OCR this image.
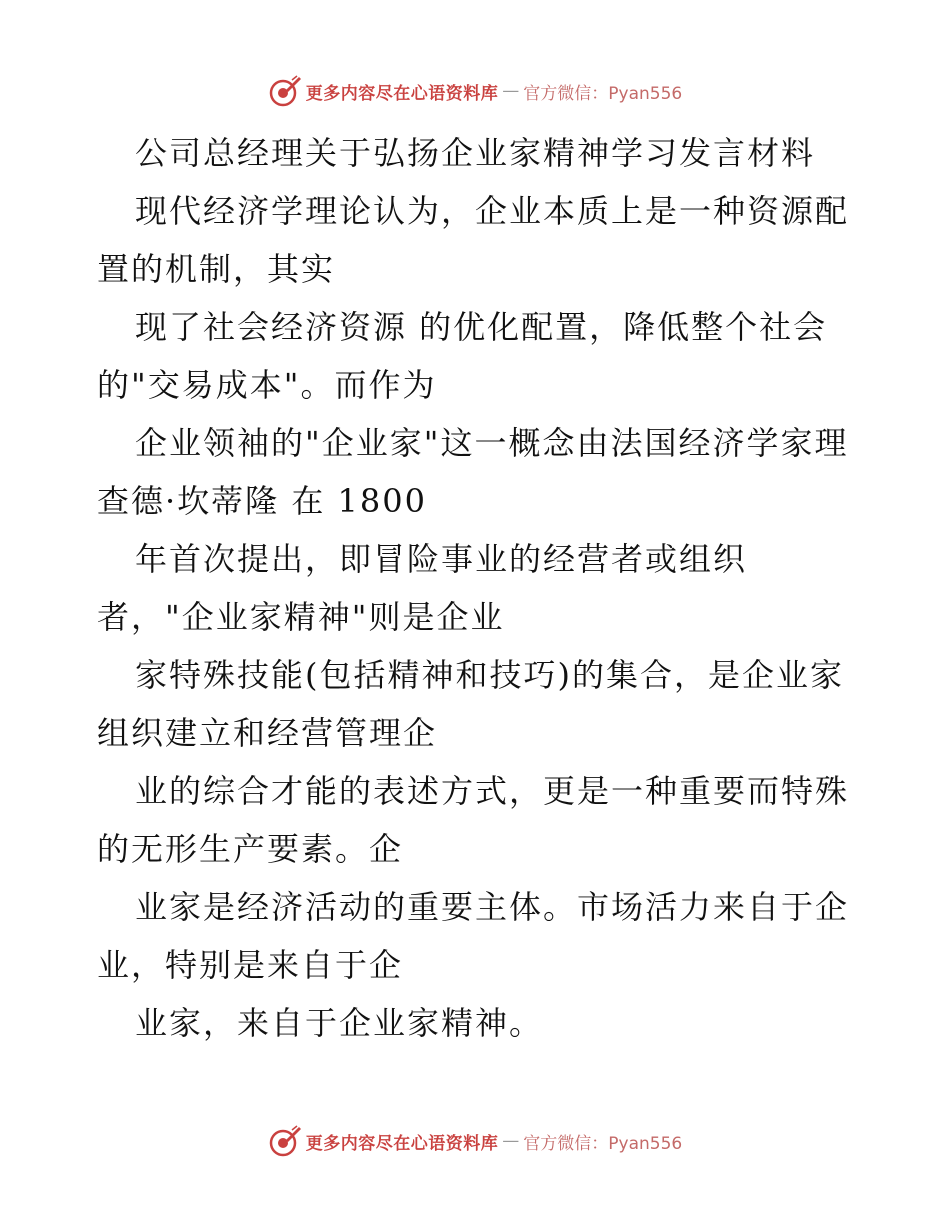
更多内容尽在心语资料库 — 官方微信：Pyan556
公司总经理关于弘扬企业家精神学习发言材料
现代经济学理论认为，企业本质上是一种资源配
置的机制，其实
现了社会经济资源 的优化配置，降低整个社会
的"交易成本"。而作为
企业领袖的"企业家"这一概念由法国经济学家理
查德·坎蒂隆 在 1800
年首次提出，即冒险事业的经营者或组织
者，"企业家精神"则是企业
家特殊技能(包括精神和技巧)的集合，是企业家
组织建立和经营管理企
业的综合才能的表述方式，更是一种重要而特殊
的无形生产要素。企
业家是经济活动的重要主体。市场活力来自于企
业，特别是来自于企
业家，来自于企业家精神。
更多内容尽在心语资料库 — 官方微信：Pyan556
